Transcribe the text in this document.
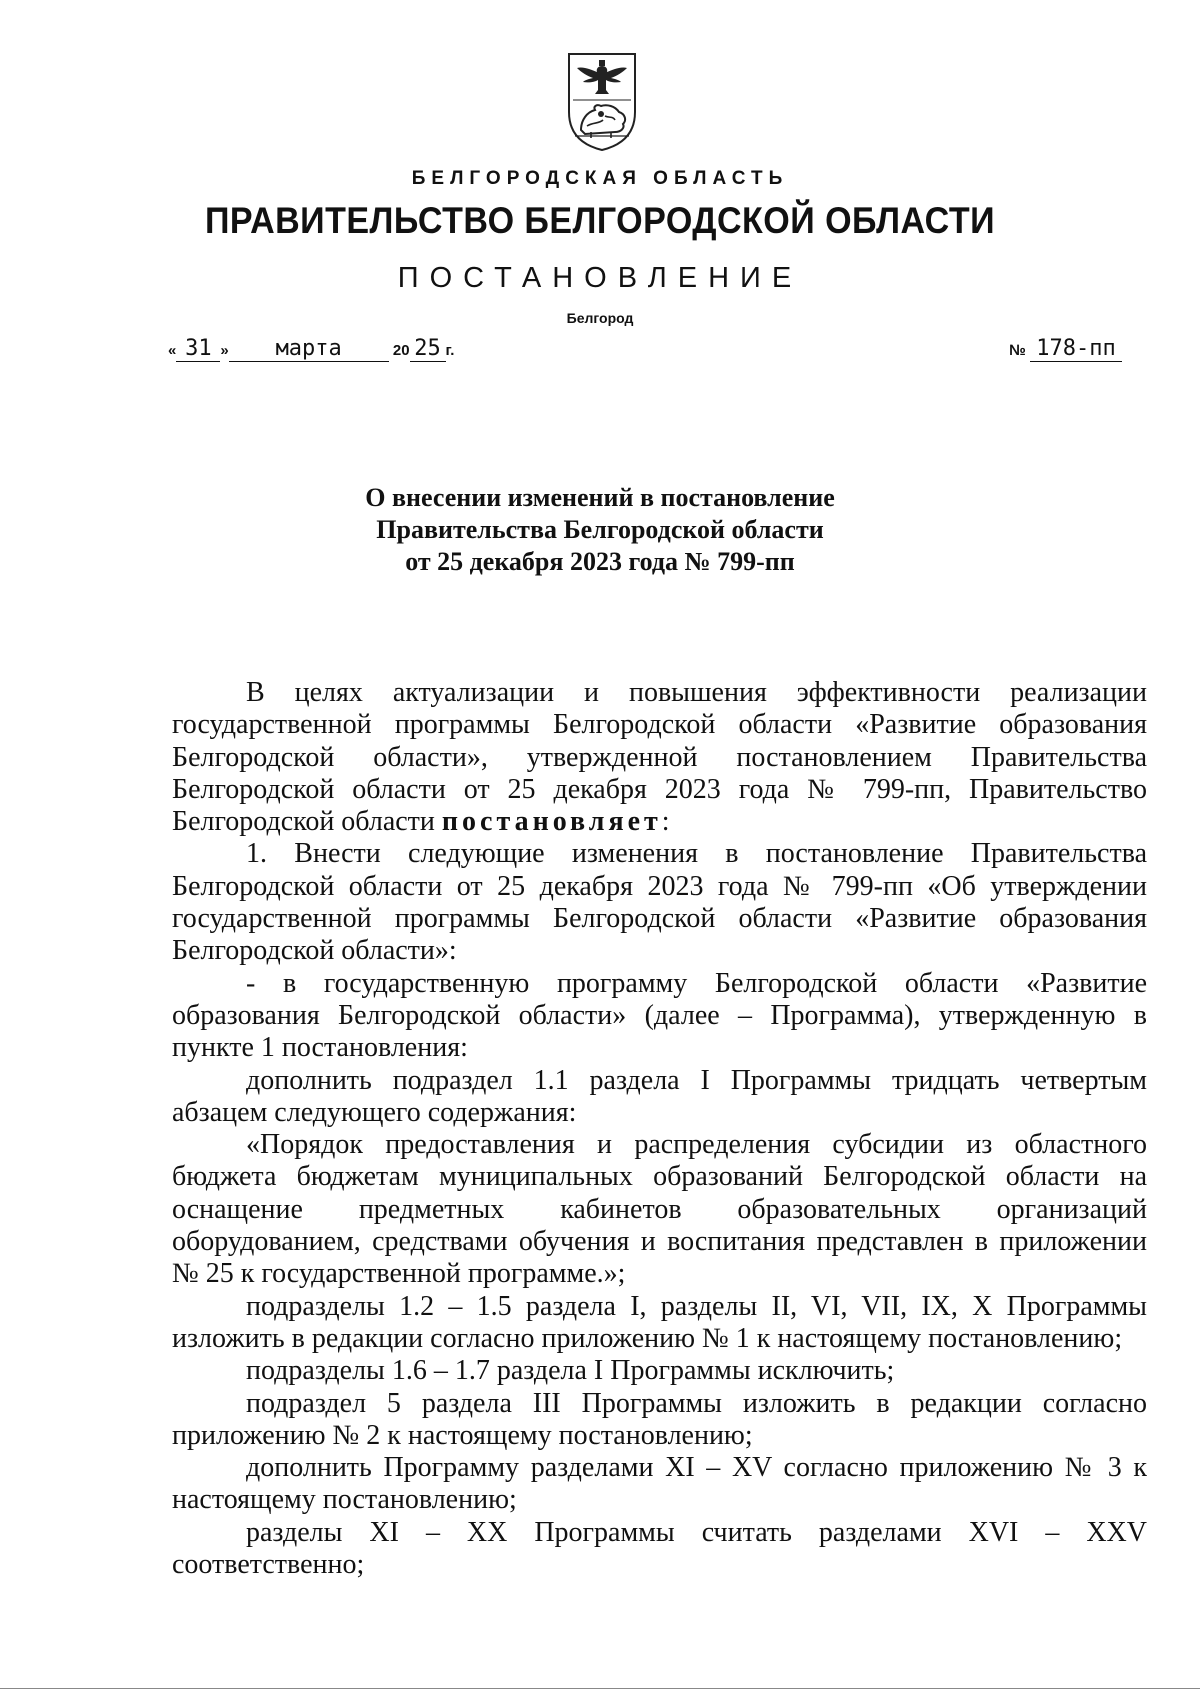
БЕЛГОРОДСКАЯ ОБЛАСТЬ
ПРАВИТЕЛЬСТВО БЕЛГОРОДСКОЙ ОБЛАСТИ
ПОСТАНОВЛЕНИЕ
Белгород
« 31 » марта	20 25 г.	№ 178-пп
О внесении изменений в постановление
Правительства Белгородской области
от 25 декабря 2023 года № 799-пп

В целях актуализации и повышения эффективности реализации государственной программы Белгородской области «Развитие образования Белгородской области», утвержденной постановлением Правительства Белгородской области от 25 декабря 2023 года № 799-пп, Правительство Белгородской области постановляет:

1. Внести следующие изменения в постановление Правительства Белгородской области от 25 декабря 2023 года № 799-пп «Об утверждении государственной программы Белгородской области «Развитие образования Белгородской области»:

- в государственную программу Белгородской области «Развитие образования Белгородской области» (далее – Программа), утвержденную в пункте 1 постановления:

дополнить подраздел 1.1 раздела I Программы тридцать четвертым абзацем следующего содержания:

«Порядок предоставления и распределения субсидии из областного бюджета бюджетам муниципальных образований Белгородской области на оснащение предметных кабинетов образовательных организаций оборудованием, средствами обучения и воспитания представлен в приложении № 25 к государственной программе.»;

подразделы 1.2 – 1.5 раздела I, разделы II, VI, VII, IX, X Программы изложить в редакции согласно приложению № 1 к настоящему постановлению;

подразделы 1.6 – 1.7 раздела I Программы исключить;

подраздел 5 раздела III Программы изложить в редакции согласно приложению № 2 к настоящему постановлению;

дополнить Программу разделами XI – XV согласно приложению № 3 к настоящему постановлению;

разделы XI – XX Программы считать разделами XVI – XXV соответственно;
